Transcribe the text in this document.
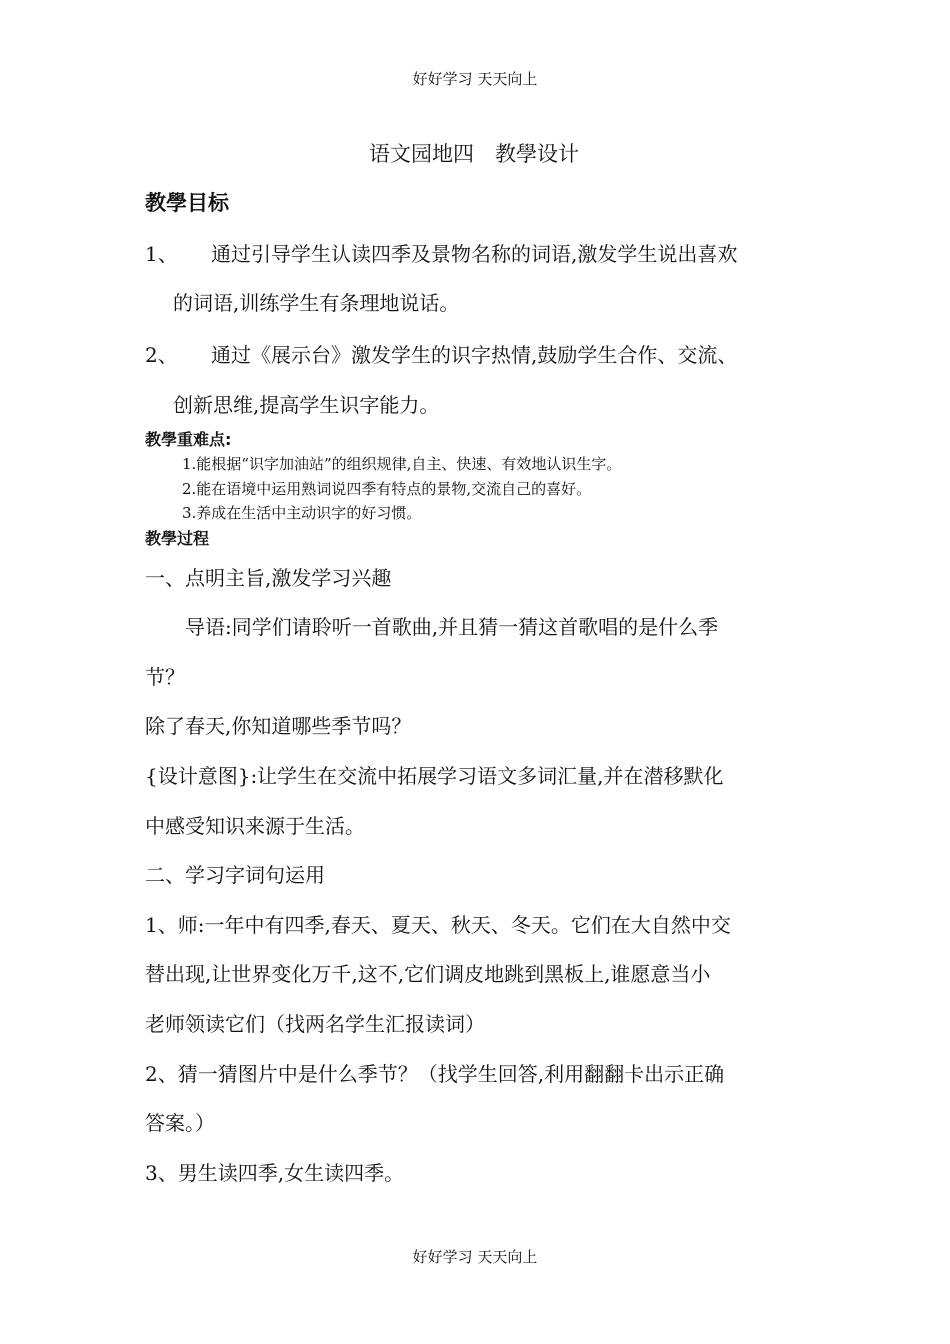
好好学习 天天向上
语文园地四　教學设计
教學目标
1、 通过引导学生认读四季及景物名称的词语,激发学生说出喜欢
的词语,训练学生有条理地说话。
2、 通过《展示台》激发学生的识字热情,鼓励学生合作、交流、
创新思维,提高学生识字能力。
教學重难点:
1.能根据“识字加油站”的组织规律,自主、快速、有效地认识生字。
2.能在语境中运用熟词说四季有特点的景物,交流自己的喜好。
3.养成在生活中主动识字的好习惯。
教學过程
一、点明主旨,激发学习兴趣
　　导语:同学们请聆听一首歌曲,并且猜一猜这首歌唱的是什么季
节？
除了春天,你知道哪些季节吗？
{设计意图}:让学生在交流中拓展学习语文多词汇量,并在潜移默化
中感受知识来源于生活。
二、学习字词句运用
1、师:一年中有四季,春天、夏天、秋天、冬天。它们在大自然中交
替出现,让世界变化万千,这不,它们调皮地跳到黑板上,谁愿意当小
老师领读它们（找两名学生汇报读词）
2、猜一猜图片中是什么季节？（找学生回答,利用翻翻卡出示正确
答案。）
3、男生读四季,女生读四季。
好好学习 天天向上
